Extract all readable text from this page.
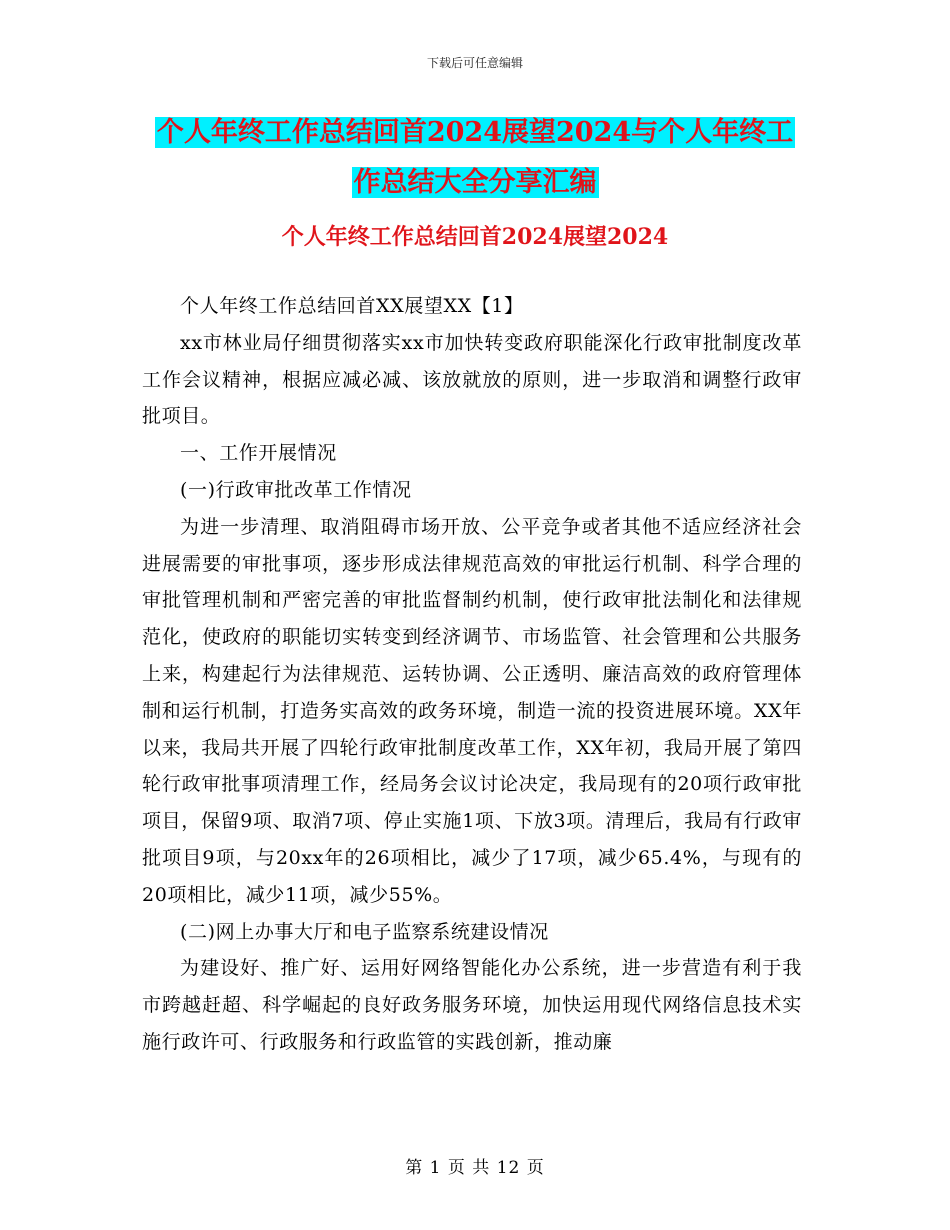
下载后可任意编辑
个人年终工作总结回首2024展望2024与个人年终工
作总结大全分享汇编
个人年终工作总结回首2024展望2024

个人年终工作总结回首XX展望XX【1】

xx市林业局仔细贯彻落实xx市加快转变政府职能深化行政审批制度改革工作会议精神，根据应减必减、该放就放的原则，进一步取消和调整行政审批项目。

一、工作开展情况

(一)行政审批改革工作情况

为进一步清理、取消阻碍市场开放、公平竞争或者其他不适应经济社会进展需要的审批事项，逐步形成法律规范高效的审批运行机制、科学合理的审批管理机制和严密完善的审批监督制约机制，使行政审批法制化和法律规范化，使政府的职能切实转变到经济调节、市场监管、社会管理和公共服务上来，构建起行为法律规范、运转协调、公正透明、廉洁高效的政府管理体制和运行机制，打造务实高效的政务环境，制造一流的投资进展环境。XX年以来，我局共开展了四轮行政审批制度改革工作，XX年初，我局开展了第四轮行政审批事项清理工作，经局务会议讨论决定，我局现有的20项行政审批项目，保留9项、取消7项、停止实施1项、下放3项。清理后，我局有行政审批项目9项，与20xx年的26项相比，减少了17项，减少65.4%，与现有的20项相比，减少11项，减少55%。

(二)网上办事大厅和电子监察系统建设情况

为建设好、推广好、运用好网络智能化办公系统，进一步营造有利于我市跨越赶超、科学崛起的良好政务服务环境，加快运用现代网络信息技术实施行政许可、行政服务和行政监管的实践创新，推动廉

第 1 页 共 12 页
